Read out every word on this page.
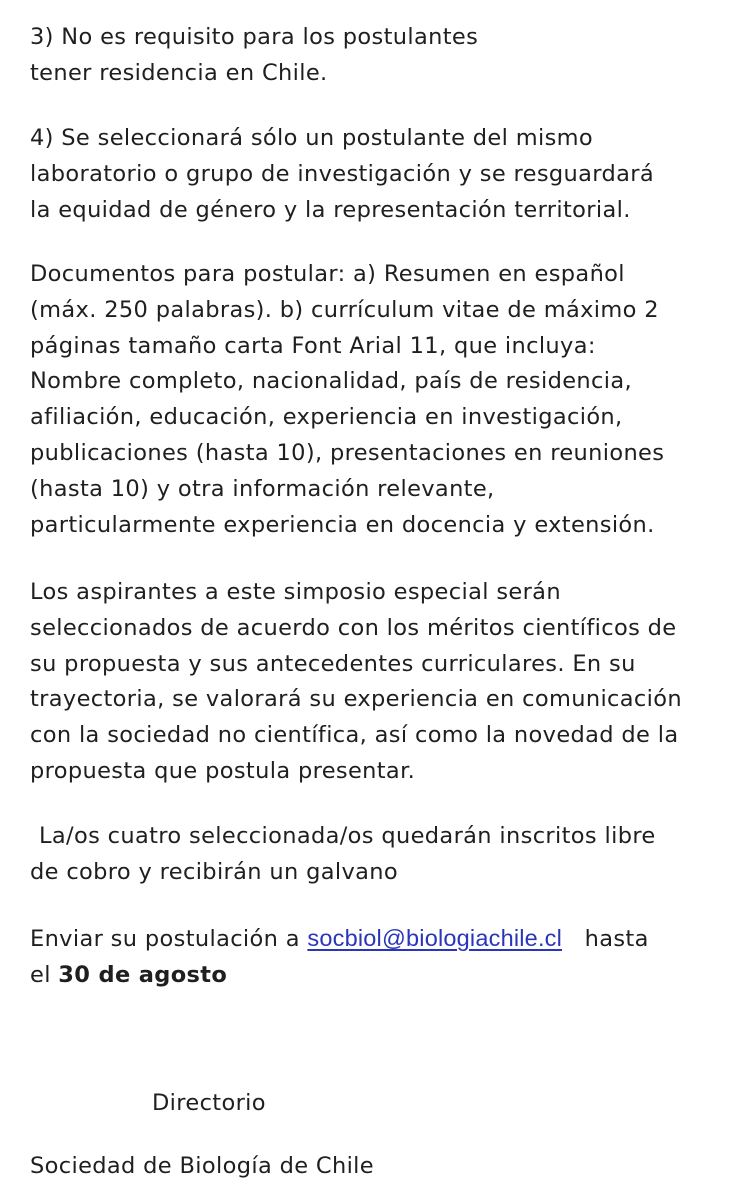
3) No es requisito para los postulantes
tener residencia en Chile.

4) Se seleccionará sólo un postulante del mismo
laboratorio o grupo de investigación y se resguardará
la equidad de género y la representación territorial.

Documentos para postular: a) Resumen en español
(máx. 250 palabras). b) currículum vitae de máximo 2
páginas tamaño carta Font Arial 11, que incluya:
Nombre completo, nacionalidad, país de residencia,
afiliación, educación, experiencia en investigación,
publicaciones (hasta 10), presentaciones en reuniones
(hasta 10) y otra información relevante,
particularmente experiencia en docencia y extensión.

Los aspirantes a este simposio especial serán
seleccionados de acuerdo con los méritos científicos de
su propuesta y sus antecedentes curriculares. En su
trayectoria, se valorará su experiencia en comunicación
con la sociedad no científica, así como la novedad de la
propuesta que postula presentar.

La/os cuatro seleccionada/os quedarán inscritos libre
de cobro y recibirán un galvano

Enviar su postulación a socbiol@biologiachile.cl hasta
el 30 de agosto

Directorio

Sociedad de Biología de Chile
